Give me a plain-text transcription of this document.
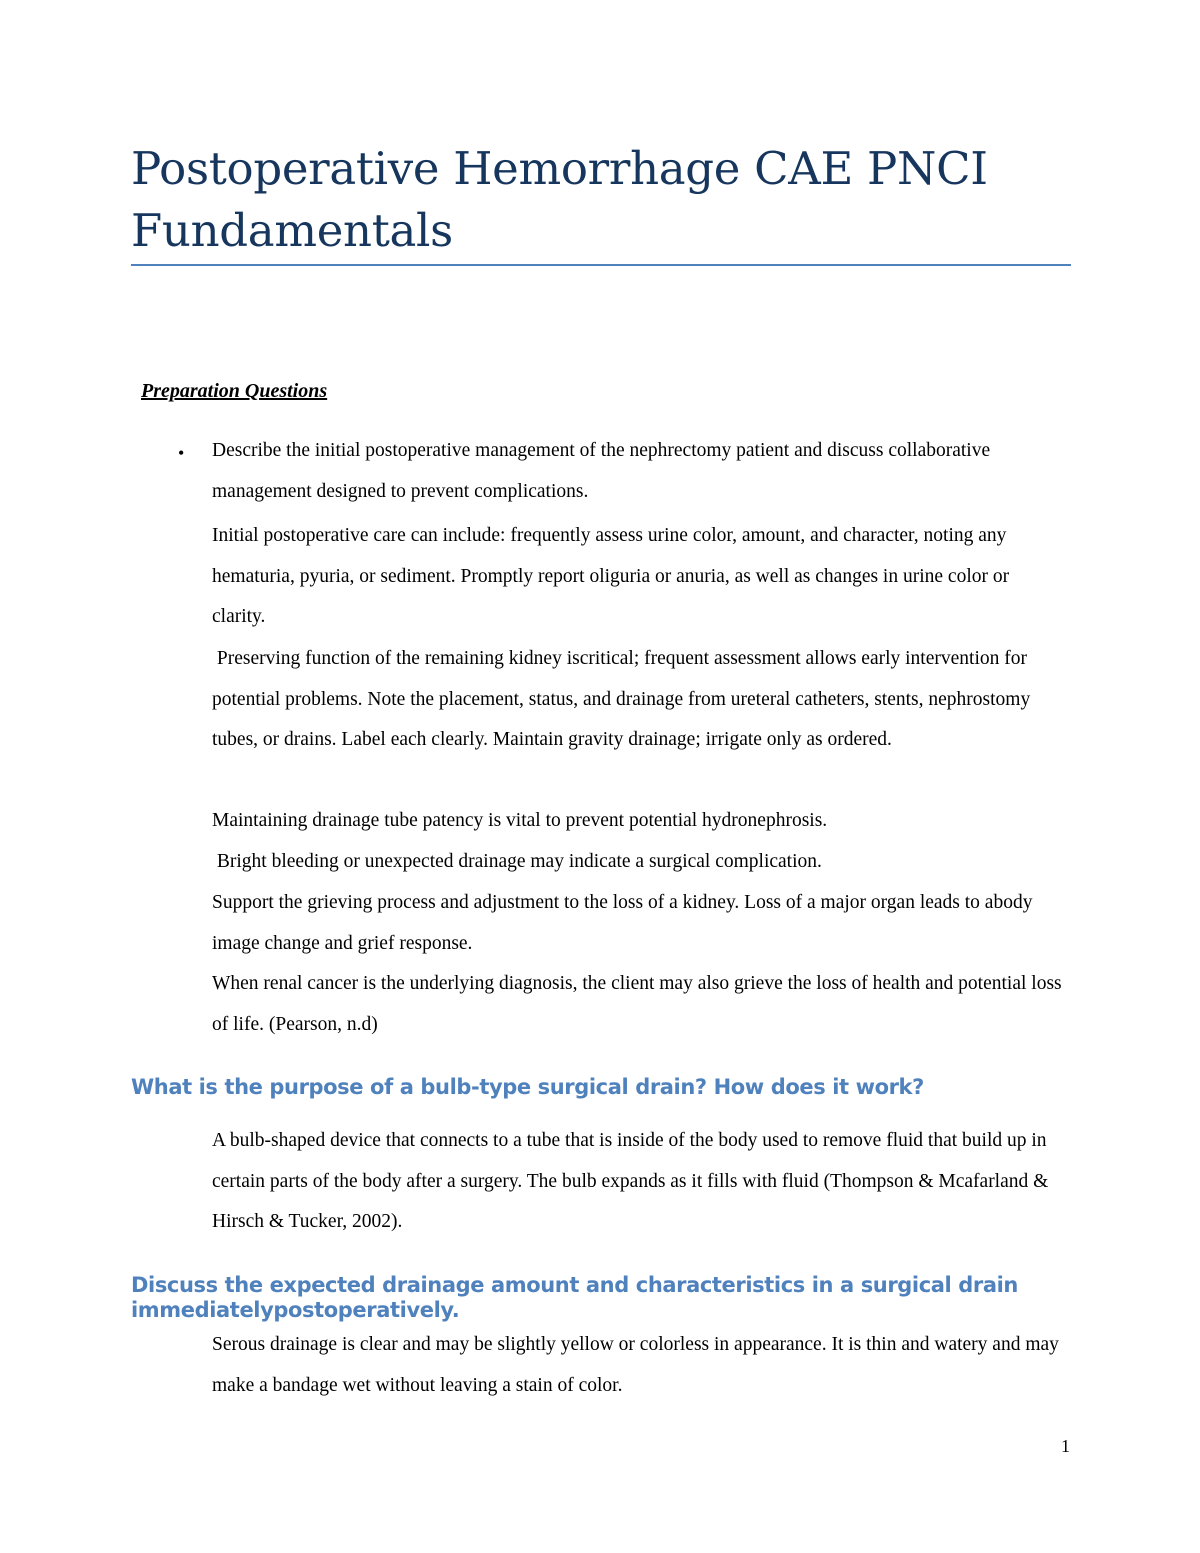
Postoperative Hemorrhage CAE PNCI Fundamentals
Preparation Questions
• Describe the initial postoperative management of the nephrectomy patient and discuss collaborative management designed to prevent complications.

Initial postoperative care can include: frequently assess urine color, amount, and character, noting any hematuria, pyuria, or sediment. Promptly report oliguria or anuria, as well as changes in urine color or clarity.

Preserving function of the remaining kidney iscritical; frequent assessment allows early intervention for potential problems. Note the placement, status, and drainage from ureteral catheters, stents, nephrostomy tubes, or drains. Label each clearly. Maintain gravity drainage; irrigate only as ordered.

Maintaining drainage tube patency is vital to prevent potential hydronephrosis.

Bright bleeding or unexpected drainage may indicate a surgical complication.

Support the grieving process and adjustment to the loss of a kidney. Loss of a major organ leads to abody image change and grief response.

When renal cancer is the underlying diagnosis, the client may also grieve the loss of health and potential loss of life. (Pearson, n.d)

What is the purpose of a bulb-type surgical drain? How does it work?

A bulb-shaped device that connects to a tube that is inside of the body used to remove fluid that build up in certain parts of the body after a surgery. The bulb expands as it fills with fluid (Thompson & Mcafarland & Hirsch & Tucker, 2002).

Discuss the expected drainage amount and characteristics in a surgical drain immediatelypostoperatively.

Serous drainage is clear and may be slightly yellow or colorless in appearance. It is thin and watery and may make a bandage wet without leaving a stain of color.

1
